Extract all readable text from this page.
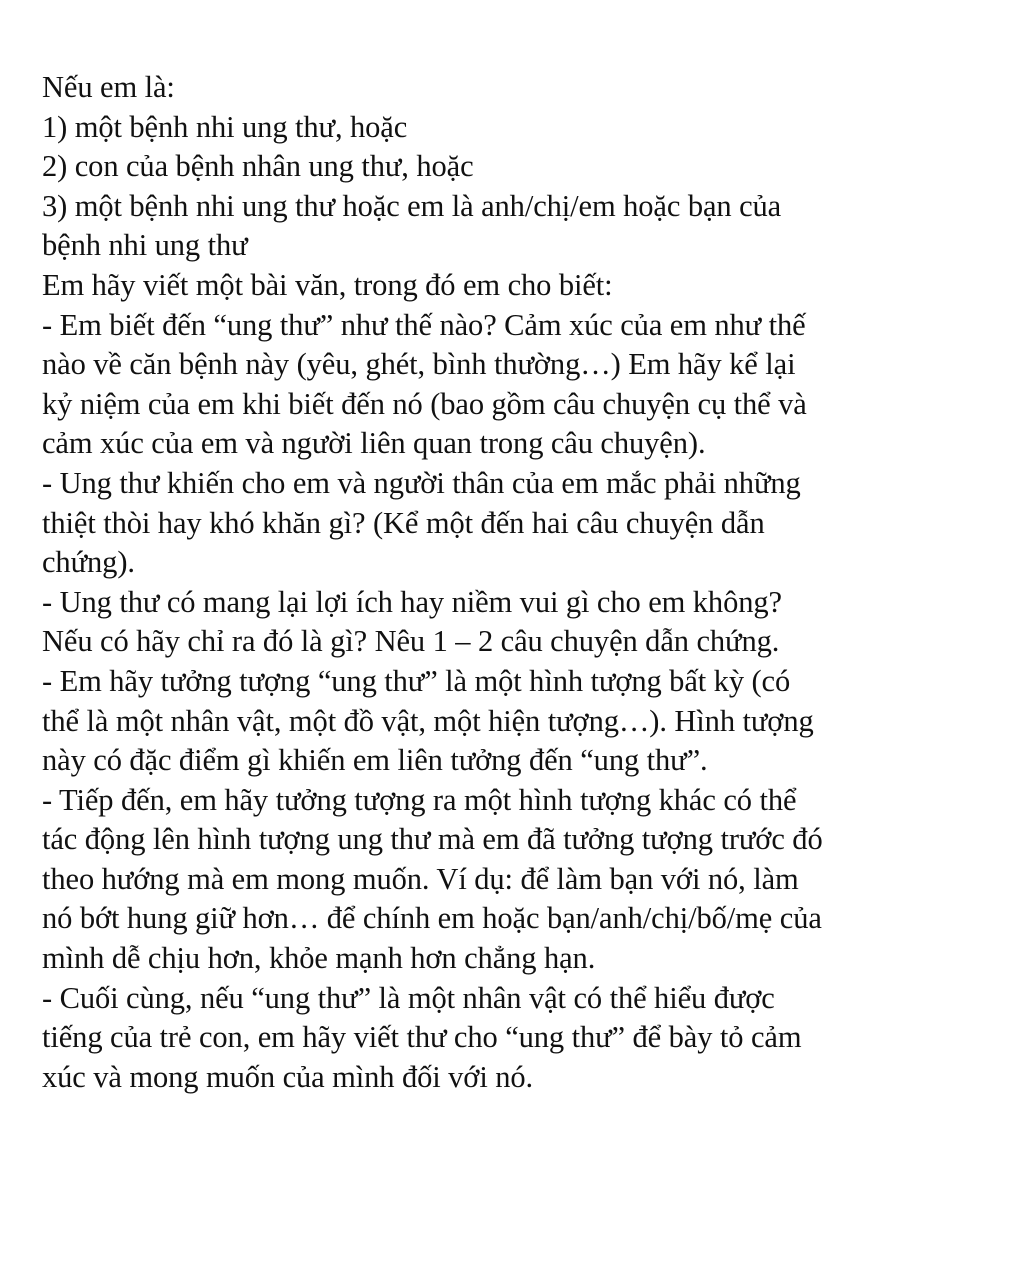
Nếu em là:
1) một bệnh nhi ung thư, hoặc
2) con của bệnh nhân ung thư, hoặc
3) một bệnh nhi ung thư hoặc em là anh/chị/em hoặc bạn của
bệnh nhi ung thư
Em hãy viết một bài văn, trong đó em cho biết:
- Em biết đến “ung thư” như thế nào? Cảm xúc của em như thế
nào về căn bệnh này (yêu, ghét, bình thường…) Em hãy kể lại
kỷ niệm của em khi biết đến nó (bao gồm câu chuyện cụ thể và
cảm xúc của em và người liên quan trong câu chuyện).
- Ung thư khiến cho em và người thân của em mắc phải những
thiệt thòi hay khó khăn gì? (Kể một đến hai câu chuyện dẫn
chứng).
- Ung thư có mang lại lợi ích hay niềm vui gì cho em không?
Nếu có hãy chỉ ra đó là gì? Nêu 1 – 2 câu chuyện dẫn chứng.
- Em hãy tưởng tượng “ung thư” là một hình tượng bất kỳ (có
thể là một nhân vật, một đồ vật, một hiện tượng…). Hình tượng
này có đặc điểm gì khiến em liên tưởng đến “ung thư”.
- Tiếp đến, em hãy tưởng tượng ra một hình tượng khác có thể
tác động lên hình tượng ung thư mà em đã tưởng tượng trước đó
theo hướng mà em mong muốn. Ví dụ: để làm bạn với nó, làm
nó bớt hung giữ hơn… để chính em hoặc bạn/anh/chị/bố/mẹ của
mình dễ chịu hơn, khỏe mạnh hơn chẳng hạn.
- Cuối cùng, nếu “ung thư” là một nhân vật có thể hiểu được
tiếng của trẻ con, em hãy viết thư cho “ung thư” để bày tỏ cảm
xúc và mong muốn của mình đối với nó.
